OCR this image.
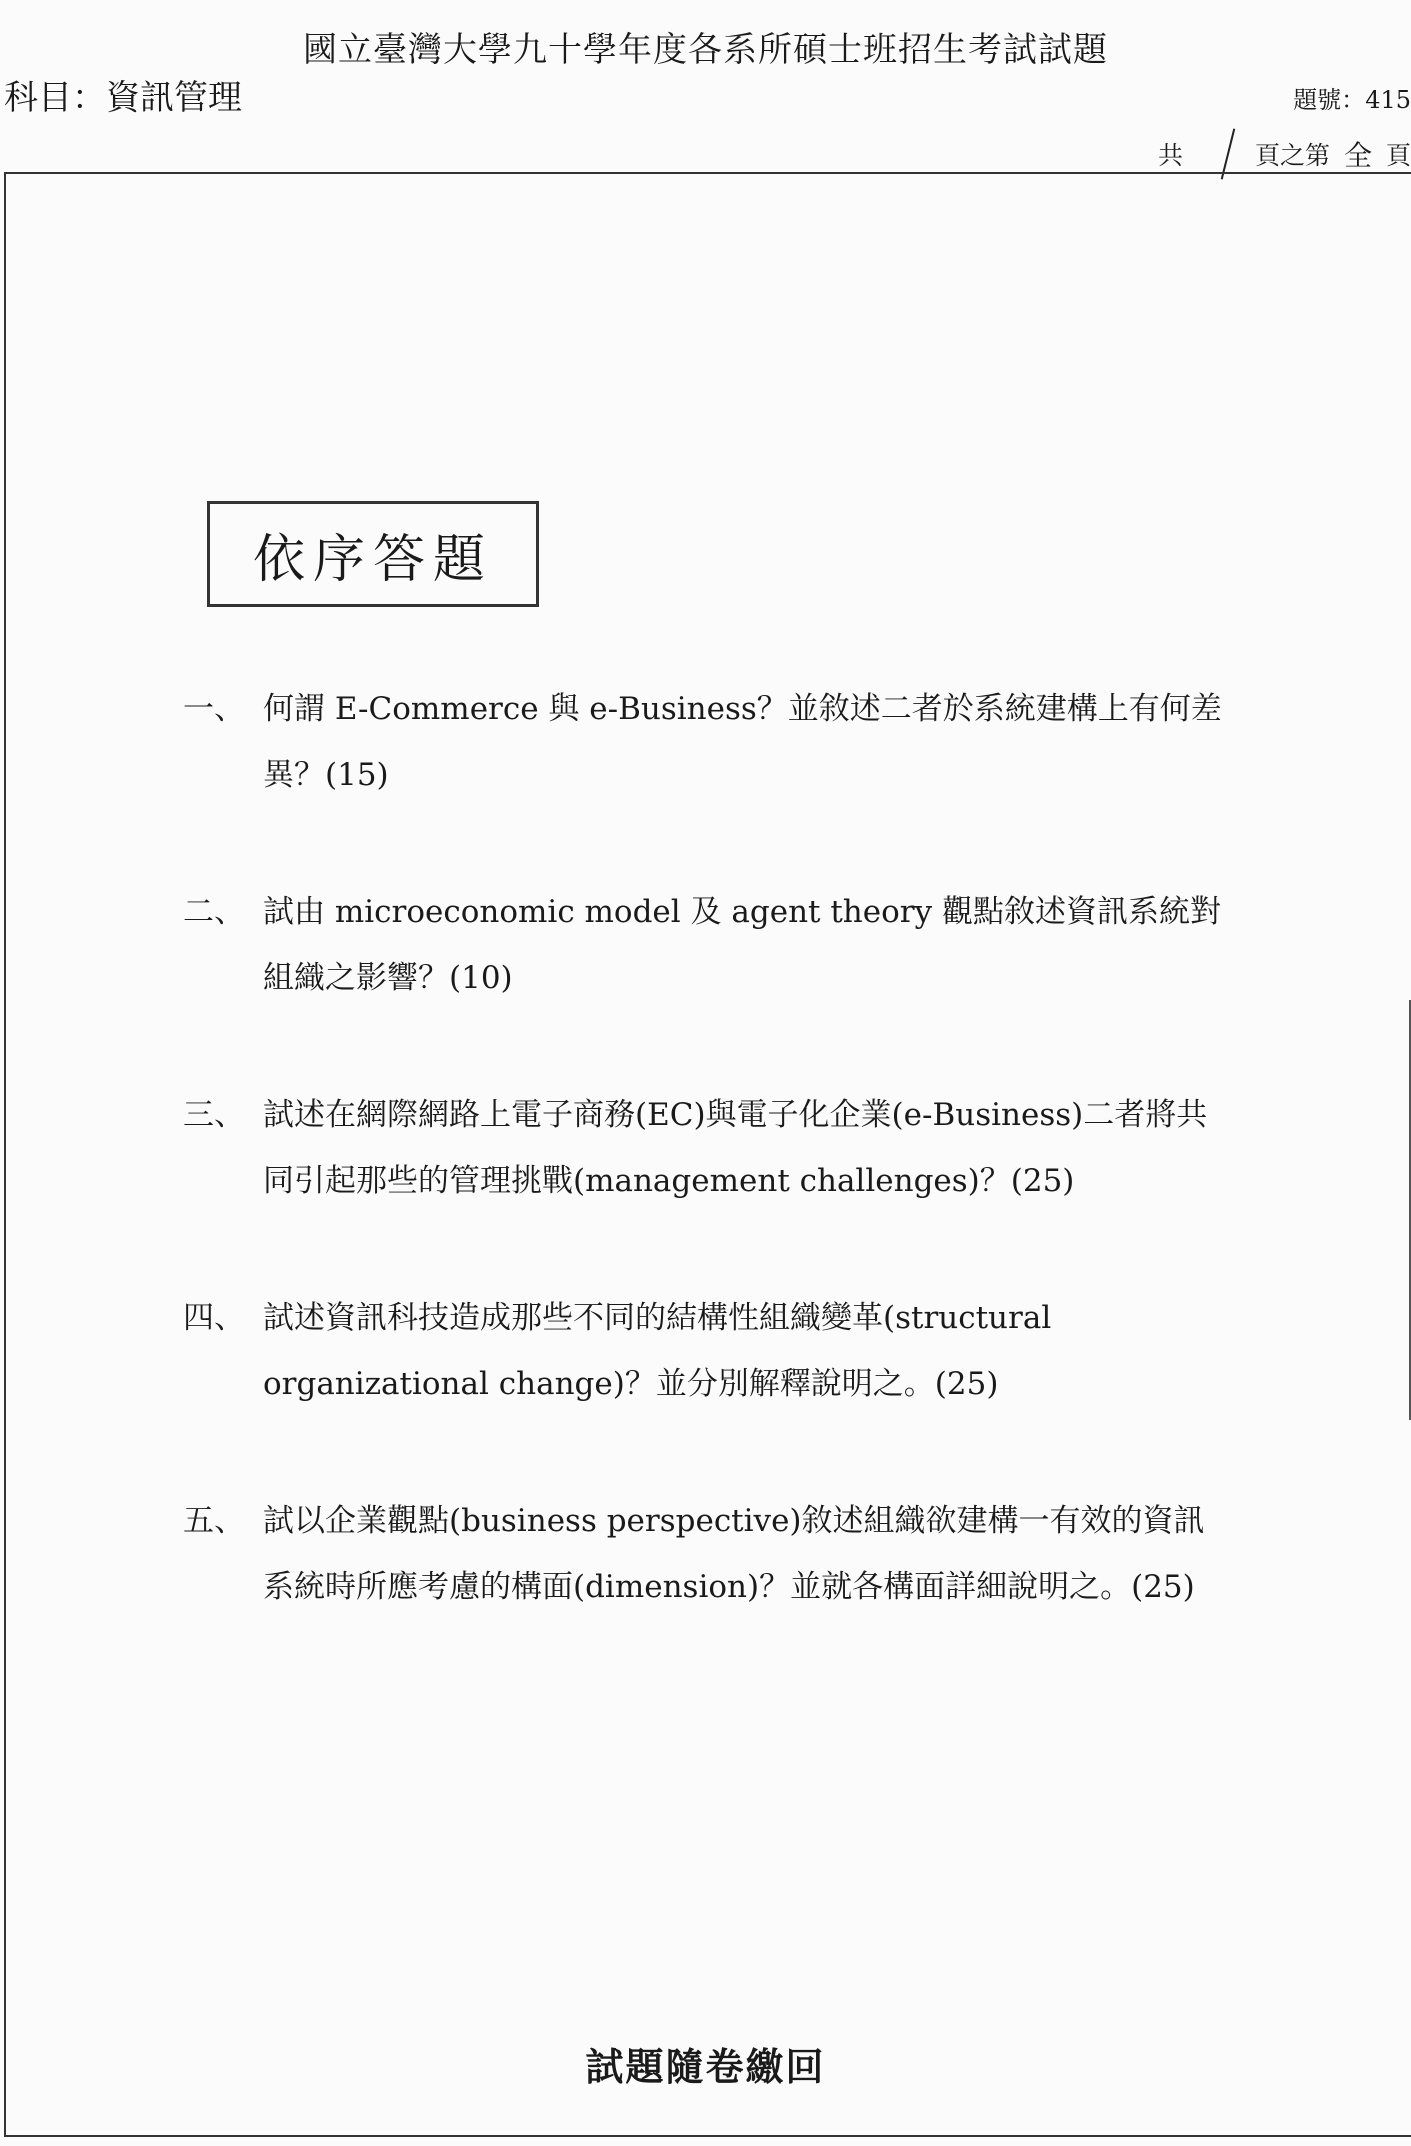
國立臺灣大學九十學年度各系所碩士班招生考試試題
科目：資訊管理	題號：415
共	頁之第 全 頁
依序答題
一、 何謂 E-Commerce 與 e-Business？並敘述二者於系統建構上有何差異？(15)

二、 試由 microeconomic model 及 agent theory 觀點敘述資訊系統對組織之影響？(10)

三、 試述在網際網路上電子商務(EC)與電子化企業(e-Business)二者將共同引起那些的管理挑戰(management challenges)？(25)

四、 試述資訊科技造成那些不同的結構性組織變革(structural organizational change)？並分別解釋說明之。(25)

五、 試以企業觀點(business perspective)敘述組織欲建構一有效的資訊系統時所應考慮的構面(dimension)？並就各構面詳細說明之。(25)

試題隨卷繳回
